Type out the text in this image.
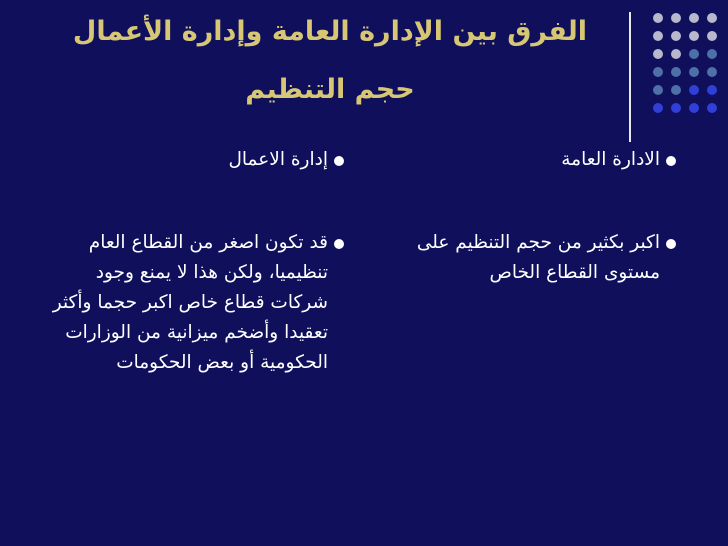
الفرق بين الإدارة العامة وإدارة الأعمال
حجم التنظيم
الادارة العامة
اكبر بكثير من حجم التنظيم على مستوى القطاع الخاص
إدارة الاعمال
قد تكون اصغر من القطاع العام تنظيميا، ولكن هذا لا يمنع وجود شركات قطاع خاص اكبر حجما وأكثر تعقيدا وأضخم ميزانية من الوزارات الحكومية أو بعض الحكومات
